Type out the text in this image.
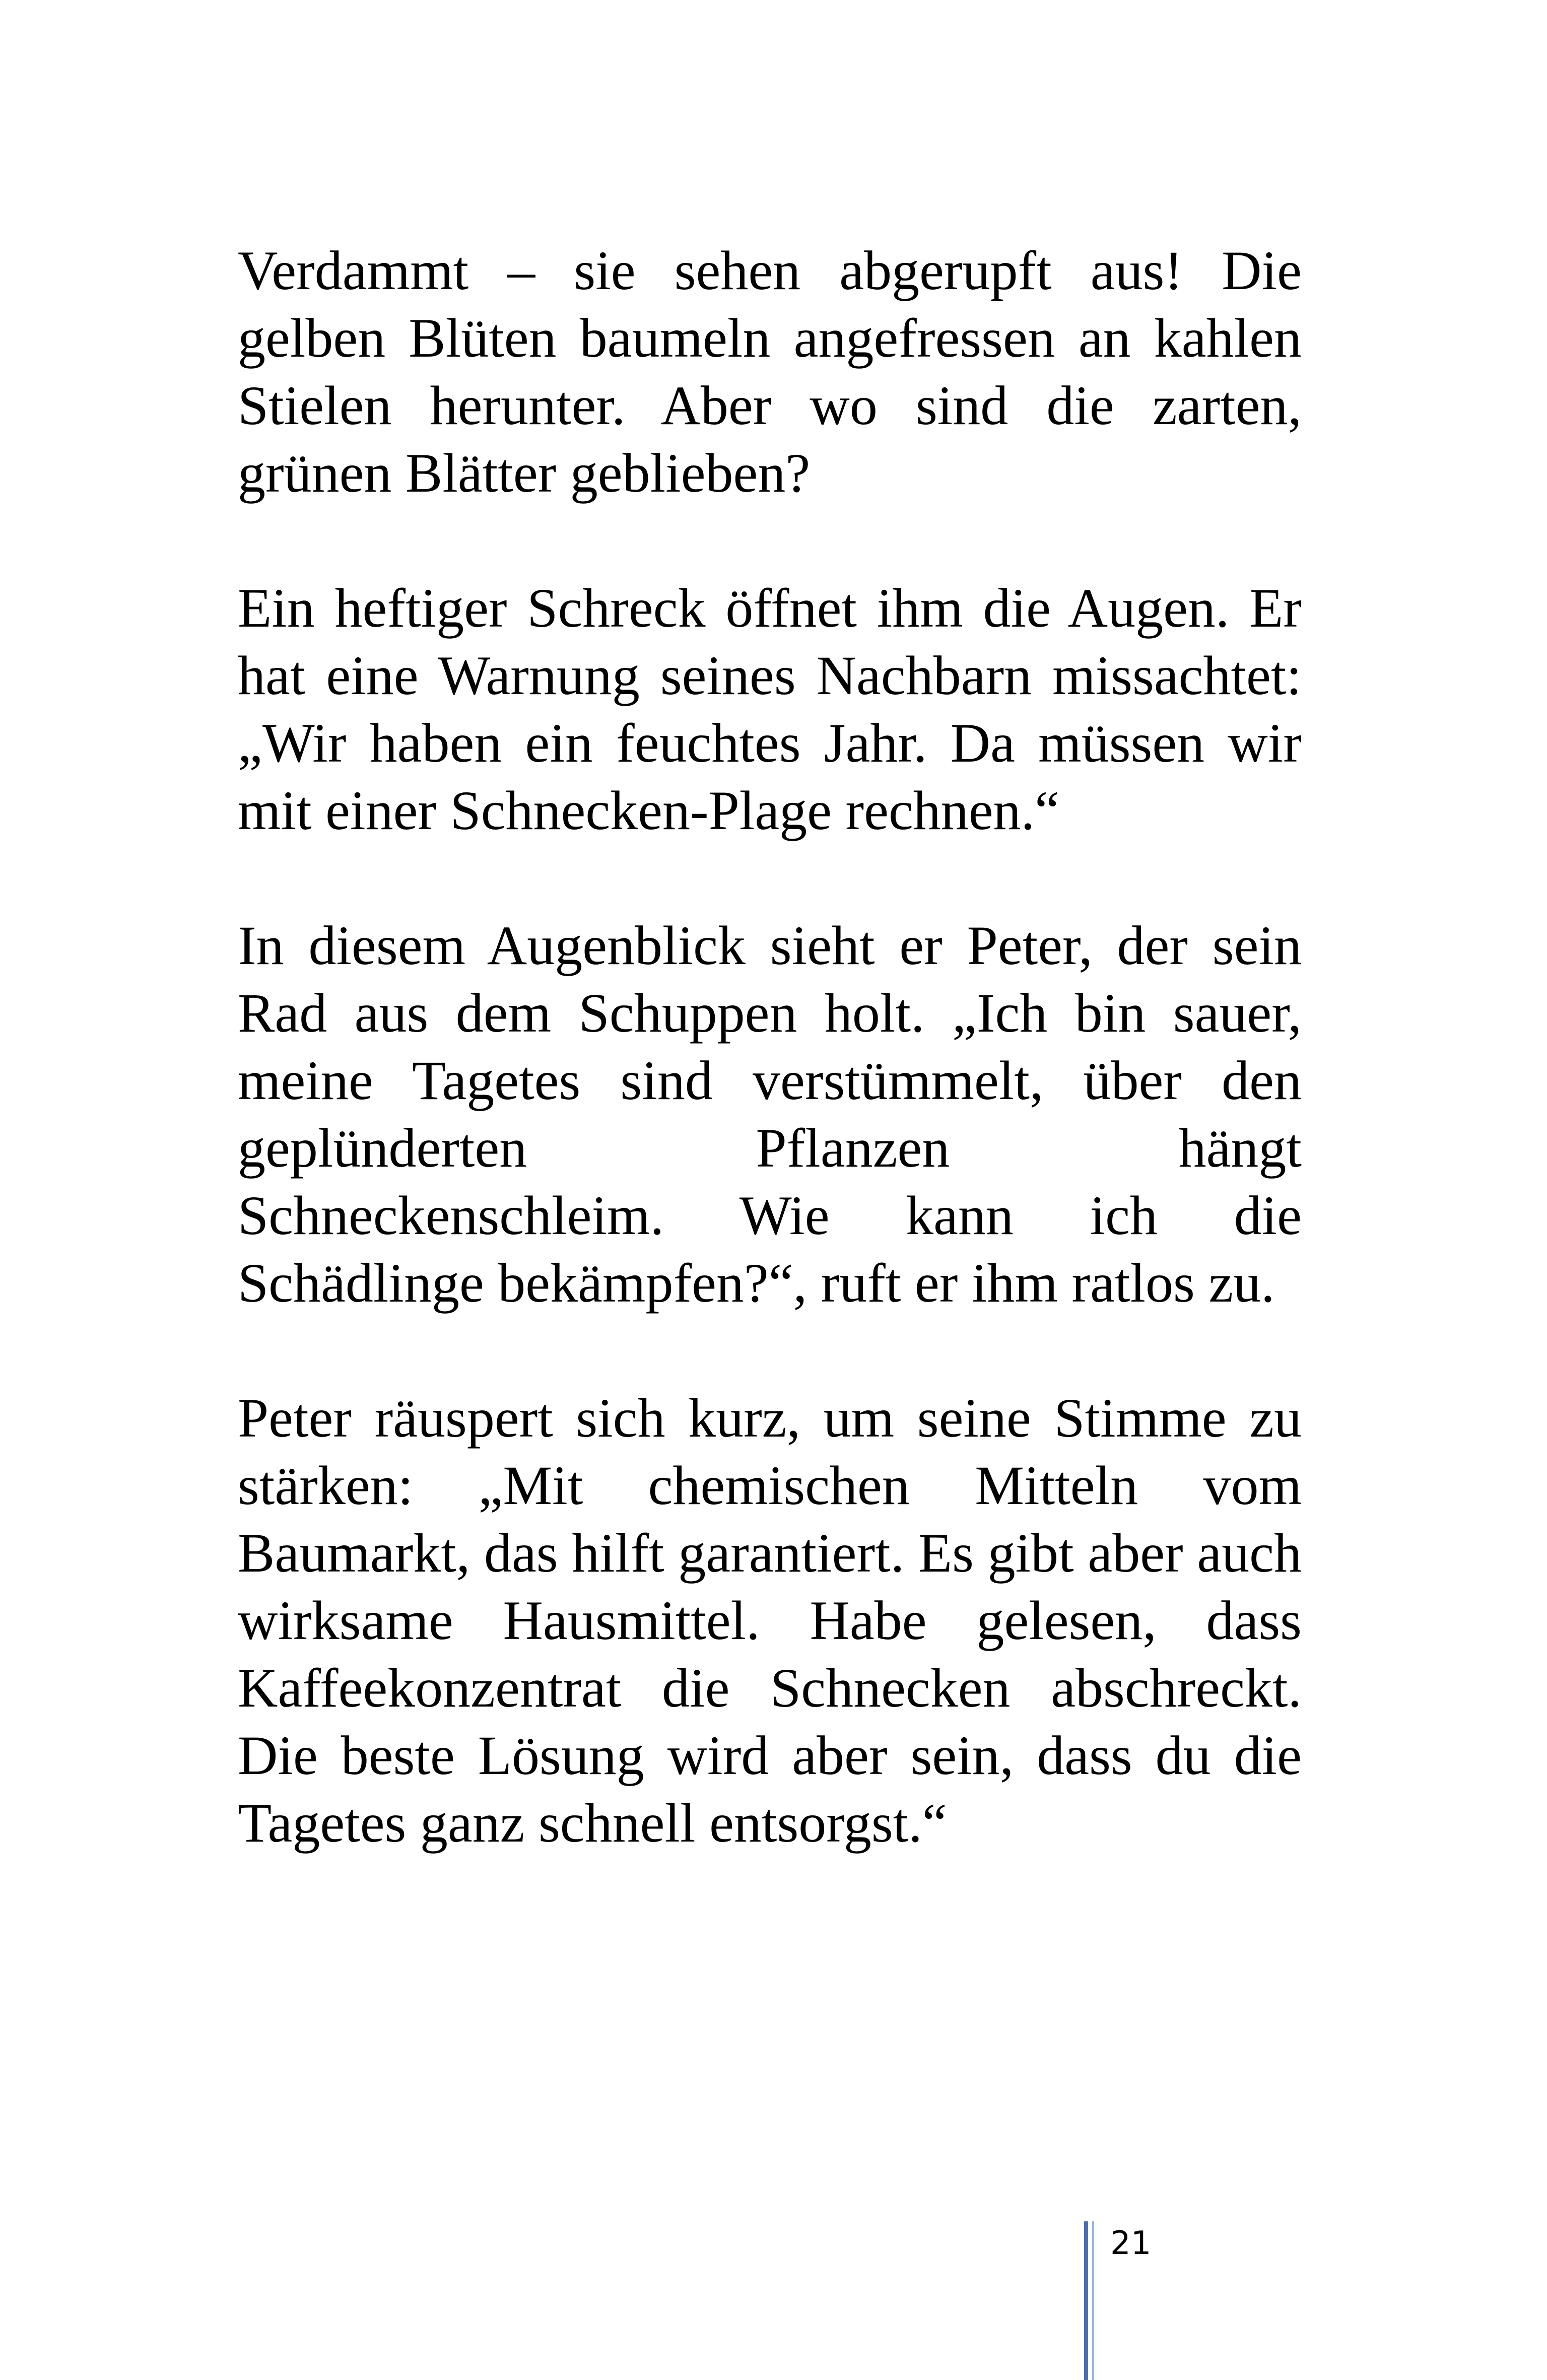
Verdammt – sie sehen abgerupft aus! Die gelben Blüten baumeln angefressen an kahlen Stielen herunter. Aber wo sind die zarten, grünen Blätter geblieben?

Ein heftiger Schreck öffnet ihm die Augen. Er hat eine Warnung seines Nachbarn missachtet: „Wir haben ein feuchtes Jahr. Da müssen wir mit einer Schnecken-Plage rechnen.“

In diesem Augenblick sieht er Peter, der sein Rad aus dem Schuppen holt. „Ich bin sauer, meine Tagetes sind verstümmelt, über den geplünderten Pflanzen hängt Schneckenschleim. Wie kann ich die Schädlinge bekämpfen?“, ruft er ihm ratlos zu.

Peter räuspert sich kurz, um seine Stimme zu stärken: „Mit chemischen Mitteln vom Baumarkt, das hilft garantiert. Es gibt aber auch wirksame Hausmittel. Habe gelesen, dass Kaffeekonzentrat die Schnecken abschreckt. Die beste Lösung wird aber sein, dass du die Tagetes ganz schnell entsorgst.“

21
